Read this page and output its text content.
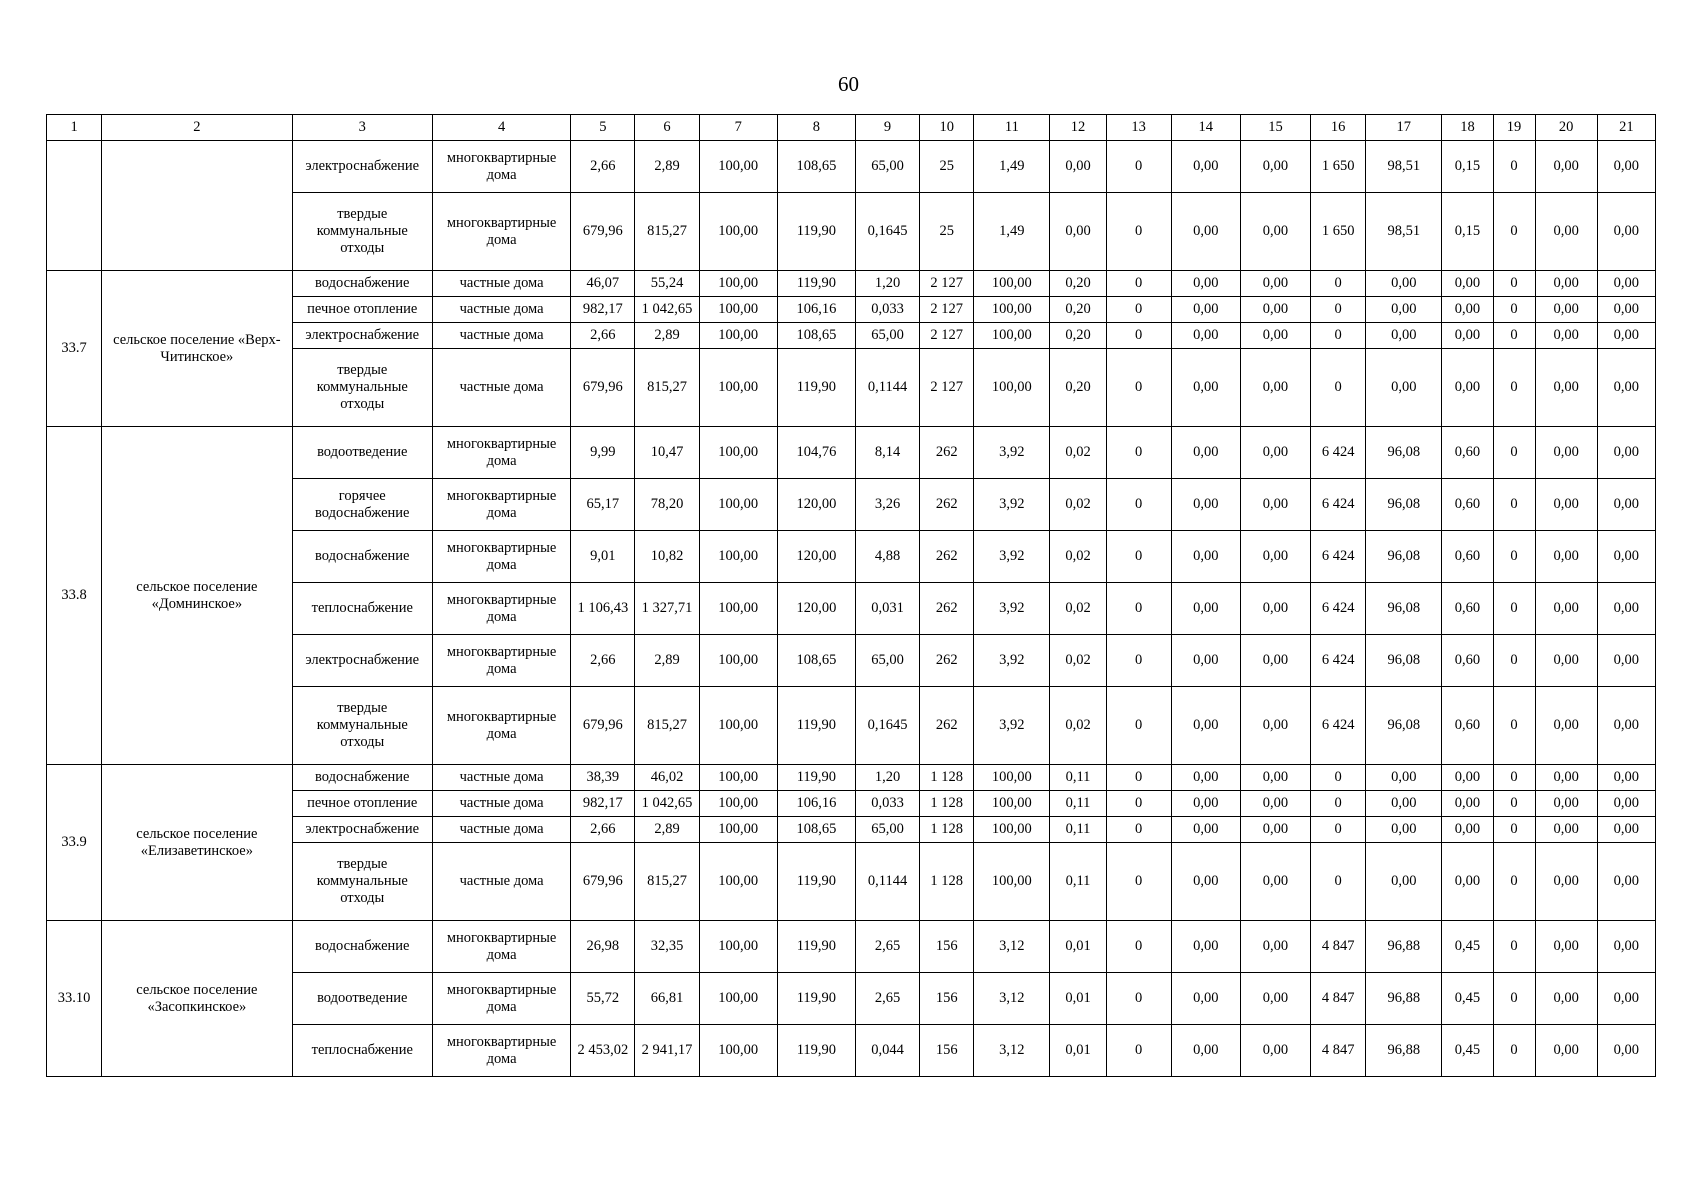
60
1	2	3	4	5	6	7	8	9	10	11	12	13	14	15	16	17	18	19	20	21
		электроснабжение	многоквартирные дома	2,66	2,89	100,00	108,65	65,00	25	1,49	0,00	0	0,00	0,00	1 650	98,51	0,15	0	0,00	0,00
		твердые коммунальные отходы	многоквартирные дома	679,96	815,27	100,00	119,90	0,1645	25	1,49	0,00	0	0,00	0,00	1 650	98,51	0,15	0	0,00	0,00
33.7	сельское поселение «Верх-Читинское»	водоснабжение	частные дома	46,07	55,24	100,00	119,90	1,20	2 127	100,00	0,20	0	0,00	0,00	0	0,00	0,00	0	0,00	0,00
		печное отопление	частные дома	982,17	1 042,65	100,00	106,16	0,033	2 127	100,00	0,20	0	0,00	0,00	0	0,00	0,00	0	0,00	0,00
		электроснабжение	частные дома	2,66	2,89	100,00	108,65	65,00	2 127	100,00	0,20	0	0,00	0,00	0	0,00	0,00	0	0,00	0,00
		твердые коммунальные отходы	частные дома	679,96	815,27	100,00	119,90	0,1144	2 127	100,00	0,20	0	0,00	0,00	0	0,00	0,00	0	0,00	0,00
33.8	сельское поселение «Домнинское»	водоотведение	многоквартирные дома	9,99	10,47	100,00	104,76	8,14	262	3,92	0,02	0	0,00	0,00	6 424	96,08	0,60	0	0,00	0,00
		горячее водоснабжение	многоквартирные дома	65,17	78,20	100,00	120,00	3,26	262	3,92	0,02	0	0,00	0,00	6 424	96,08	0,60	0	0,00	0,00
		водоснабжение	многоквартирные дома	9,01	10,82	100,00	120,00	4,88	262	3,92	0,02	0	0,00	0,00	6 424	96,08	0,60	0	0,00	0,00
		теплоснабжение	многоквартирные дома	1 106,43	1 327,71	100,00	120,00	0,031	262	3,92	0,02	0	0,00	0,00	6 424	96,08	0,60	0	0,00	0,00
		электроснабжение	многоквартирные дома	2,66	2,89	100,00	108,65	65,00	262	3,92	0,02	0	0,00	0,00	6 424	96,08	0,60	0	0,00	0,00
		твердые коммунальные отходы	многоквартирные дома	679,96	815,27	100,00	119,90	0,1645	262	3,92	0,02	0	0,00	0,00	6 424	96,08	0,60	0	0,00	0,00
33.9	сельское поселение «Елизаветинское»	водоснабжение	частные дома	38,39	46,02	100,00	119,90	1,20	1 128	100,00	0,11	0	0,00	0,00	0	0,00	0,00	0	0,00	0,00
		печное отопление	частные дома	982,17	1 042,65	100,00	106,16	0,033	1 128	100,00	0,11	0	0,00	0,00	0	0,00	0,00	0	0,00	0,00
		электроснабжение	частные дома	2,66	2,89	100,00	108,65	65,00	1 128	100,00	0,11	0	0,00	0,00	0	0,00	0,00	0	0,00	0,00
		твердые коммунальные отходы	частные дома	679,96	815,27	100,00	119,90	0,1144	1 128	100,00	0,11	0	0,00	0,00	0	0,00	0,00	0	0,00	0,00
33.10	сельское поселение «Засопкинское»	водоснабжение	многоквартирные дома	26,98	32,35	100,00	119,90	2,65	156	3,12	0,01	0	0,00	0,00	4 847	96,88	0,45	0	0,00	0,00
		водоотведение	многоквартирные дома	55,72	66,81	100,00	119,90	2,65	156	3,12	0,01	0	0,00	0,00	4 847	96,88	0,45	0	0,00	0,00
		теплоснабжение	многоквартирные дома	2 453,02	2 941,17	100,00	119,90	0,044	156	3,12	0,01	0	0,00	0,00	4 847	96,88	0,45	0	0,00	0,00
